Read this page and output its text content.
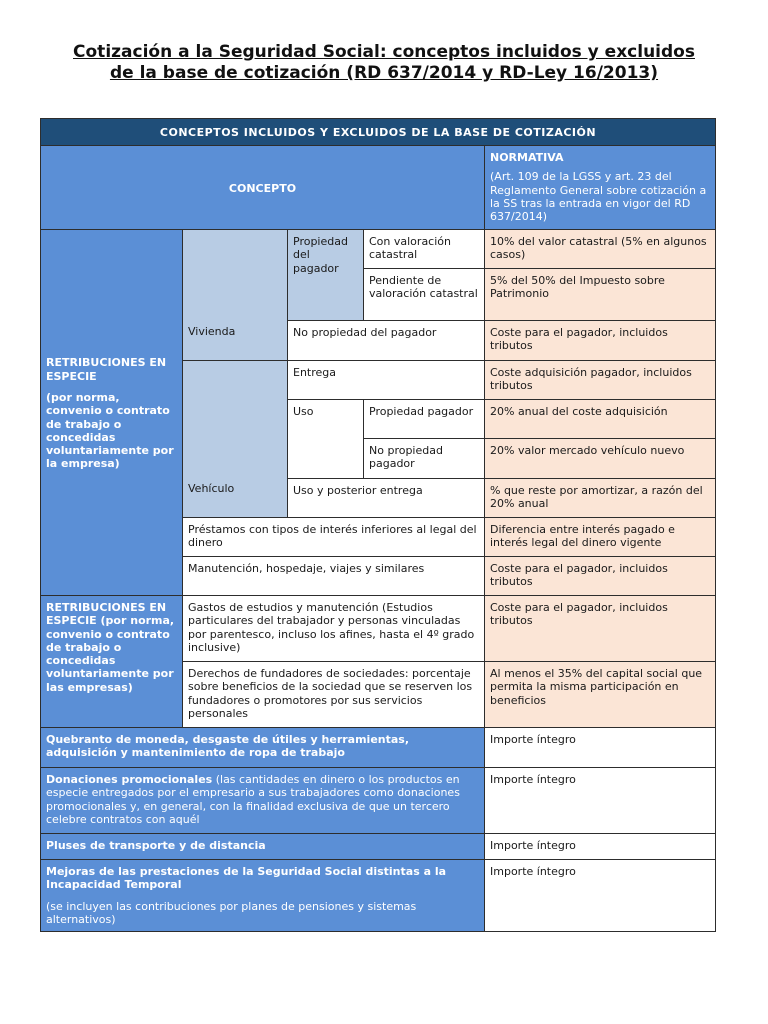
Cotización a la Seguridad Social: conceptos incluidos y excluidos
de la base de cotización (RD 637/2014 y RD-Ley 16/2013)
CONCEPTOS INCLUIDOS Y EXCLUIDOS DE LA BASE DE COTIZACIÓN				
CONCEPTO				NORMATIVA
(Art. 109 de la LGSS y art. 23 del Reglamento General sobre cotización a la SS tras la entrada en vigor del RD 637/2014)

RETRIBUCIONES EN ESPECIE
(por norma, convenio o contrato de trabajo o concedidas voluntariamente por la empresa)	Vivienda	Propiedad del pagador	Con valoración catastral	10% del valor catastral (5% en algunos casos)
			Pendiente de valoración catastral	5% del 50% del Impuesto sobre Patrimonio
		No propiedad del pagador		Coste para el pagador, incluidos tributos
	Vehículo	Entrega		Coste adquisición pagador, incluidos tributos
		Uso	Propiedad pagador	20% anual del coste adquisición
			No propiedad pagador	20% valor mercado vehículo nuevo
		Uso y posterior entrega		% que reste por amortizar, a razón del 20% anual
	Préstamos con tipos de interés inferiores al legal del dinero			Diferencia entre interés pagado e interés legal del dinero vigente
	Manutención, hospedaje, viajes y similares			Coste para el pagador, incluidos tributos
RETRIBUCIONES EN ESPECIE (por norma, convenio o contrato de trabajo o concedidas voluntariamente por las empresas)	Gastos de estudios y manutención (Estudios particulares del trabajador y personas vinculadas por parentesco, incluso los afines, hasta el 4º grado inclusive)			Coste para el pagador, incluidos tributos
	Derechos de fundadores de sociedades: porcentaje sobre beneficios de la sociedad que se reserven los fundadores o promotores por sus servicios personales			Al menos el 35% del capital social que permita la misma participación en beneficios
Quebranto de moneda, desgaste de útiles y herramientas, adquisición y mantenimiento de ropa de trabajo				Importe íntegro
Donaciones promocionales (las cantidades en dinero o los productos en especie entregados por el empresario a sus trabajadores como donaciones promocionales y, en general, con la finalidad exclusiva de que un tercero celebre contratos con aquél				Importe íntegro
Pluses de transporte y de distancia				Importe íntegro
Mejoras de las prestaciones de la Seguridad Social distintas a la Incapacidad Temporal
(se incluyen las contribuciones por planes de pensiones y sistemas alternativos)				Importe íntegro
